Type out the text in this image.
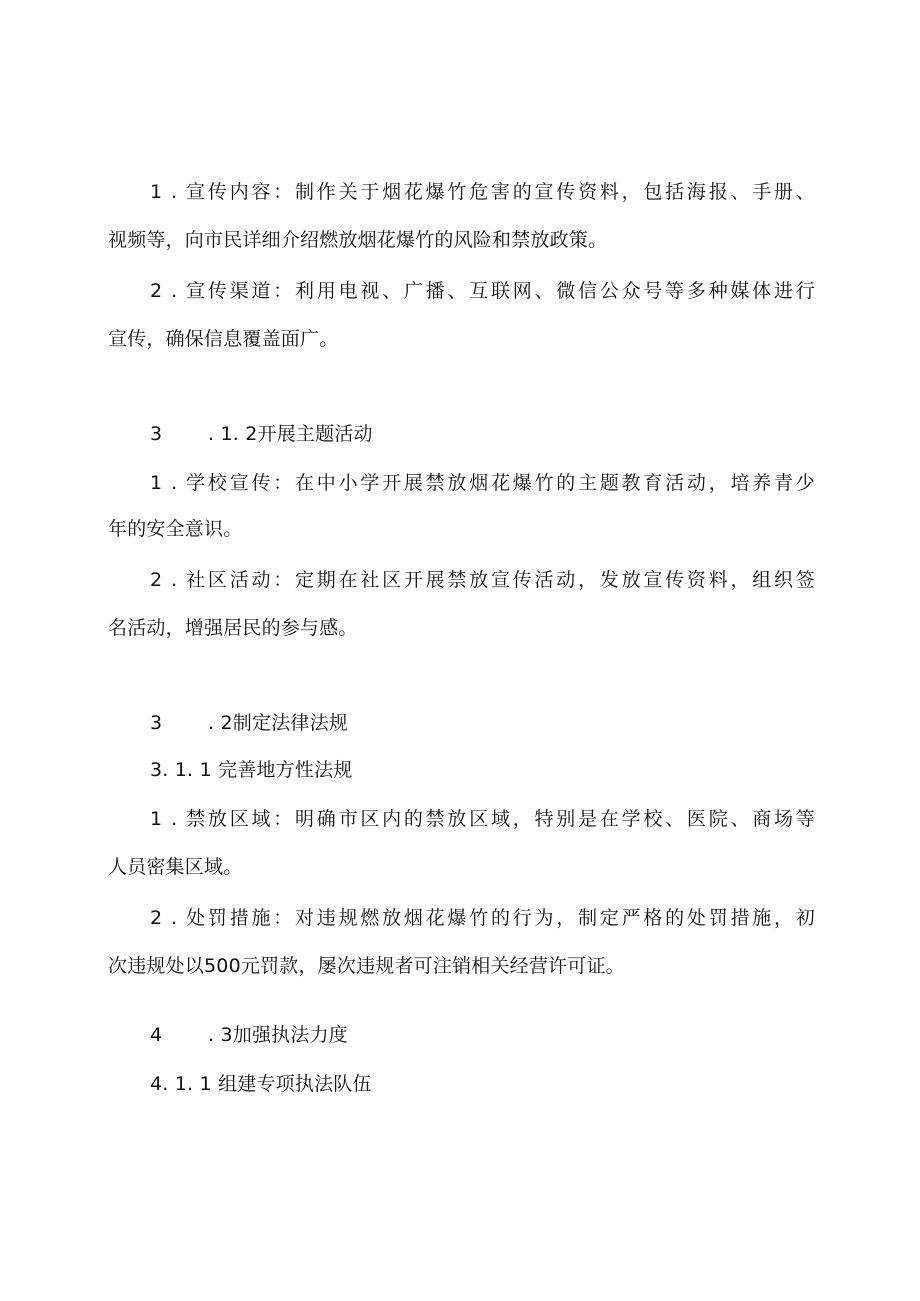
1 . 宣传内容：制作关于烟花爆竹危害的宣传资料，包括海报、手册、
视频等，向市民详细介绍燃放烟花爆竹的风险和禁放政策。
2 . 宣传渠道：利用电视、广播、互联网、微信公众号等多种媒体进行
宣传，确保信息覆盖面广。
3 . 1. 2开展主题活动
1 . 学校宣传：在中小学开展禁放烟花爆竹的主题教育活动，培养青少
年的安全意识。
2 . 社区活动：定期在社区开展禁放宣传活动，发放宣传资料，组织签
名活动，增强居民的参与感。
3 . 2制定法律法规
3. 1. 1 完善地方性法规
1 . 禁放区域：明确市区内的禁放区域，特别是在学校、医院、商场等
人员密集区域。
2 . 处罚措施：对违规燃放烟花爆竹的行为，制定严格的处罚措施，初
次违规处以500元罚款，屡次违规者可注销相关经营许可证。
4 . 3加强执法力度
4. 1. 1 组建专项执法队伍
